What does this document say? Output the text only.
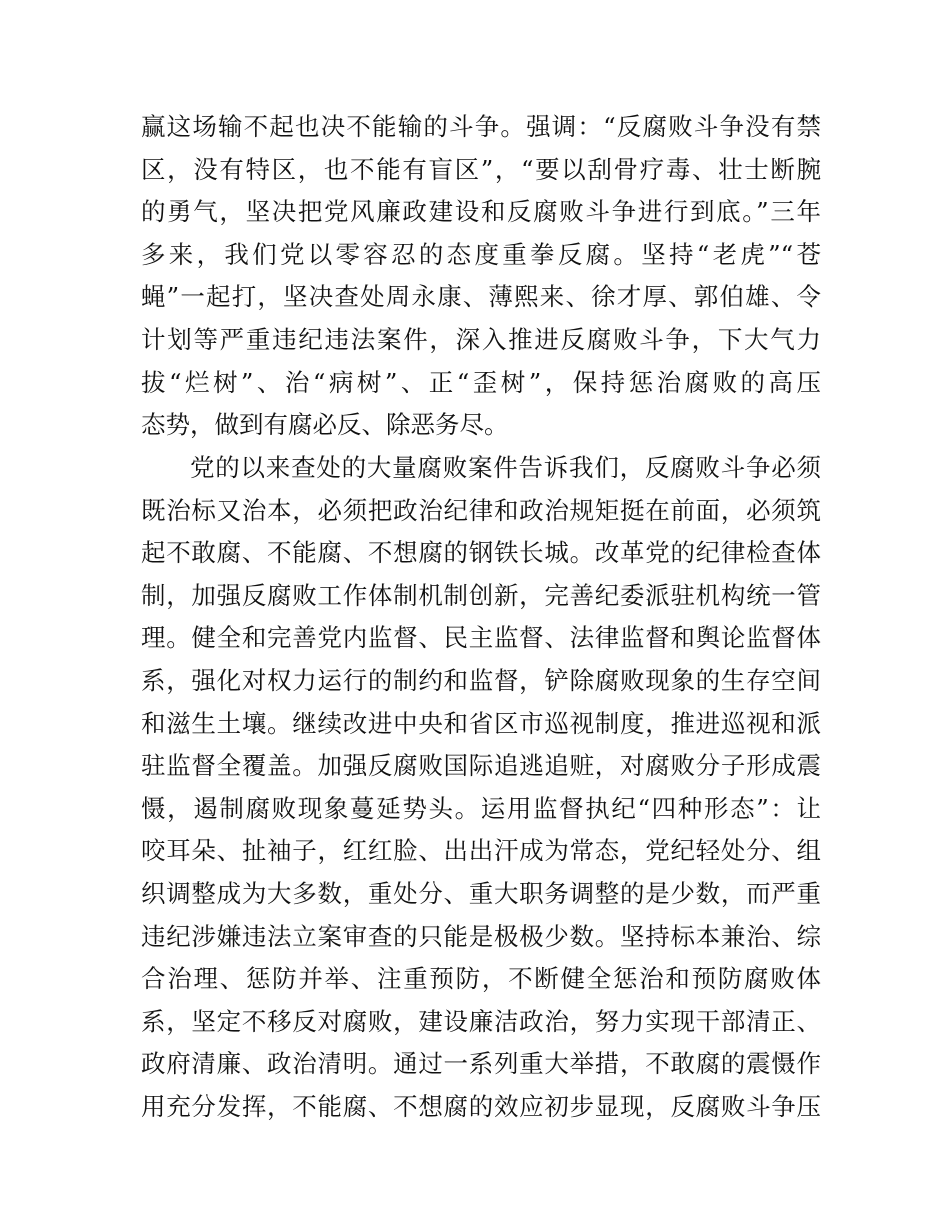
赢这场输不起也决不能输的斗争。强调：“反腐败斗争没有禁
区，没有特区，也不能有盲区”，“要以刮骨疗毒、壮士断腕
的勇气，坚决把党风廉政建设和反腐败斗争进行到底。”三年
多来，我们党以零容忍的态度重拳反腐。坚持“老虎”“苍
蝇”一起打，坚决查处周永康、薄熙来、徐才厚、郭伯雄、令
计划等严重违纪违法案件，深入推进反腐败斗争，下大气力
拔“烂树”、治“病树”、正“歪树”，保持惩治腐败的高压
态势，做到有腐必反、除恶务尽。
党的以来查处的大量腐败案件告诉我们，反腐败斗争必须
既治标又治本，必须把政治纪律和政治规矩挺在前面，必须筑
起不敢腐、不能腐、不想腐的钢铁长城。改革党的纪律检查体
制，加强反腐败工作体制机制创新，完善纪委派驻机构统一管
理。健全和完善党内监督、民主监督、法律监督和舆论监督体
系，强化对权力运行的制约和监督，铲除腐败现象的生存空间
和滋生土壤。继续改进中央和省区市巡视制度，推进巡视和派
驻监督全覆盖。加强反腐败国际追逃追赃，对腐败分子形成震
慑，遏制腐败现象蔓延势头。运用监督执纪“四种形态”：让
咬耳朵、扯袖子，红红脸、出出汗成为常态，党纪轻处分、组
织调整成为大多数，重处分、重大职务调整的是少数，而严重
违纪涉嫌违法立案审查的只能是极极少数。坚持标本兼治、综
合治理、惩防并举、注重预防，不断健全惩治和预防腐败体
系，坚定不移反对腐败，建设廉洁政治，努力实现干部清正、
政府清廉、政治清明。通过一系列重大举措，不敢腐的震慑作
用充分发挥，不能腐、不想腐的效应初步显现，反腐败斗争压
